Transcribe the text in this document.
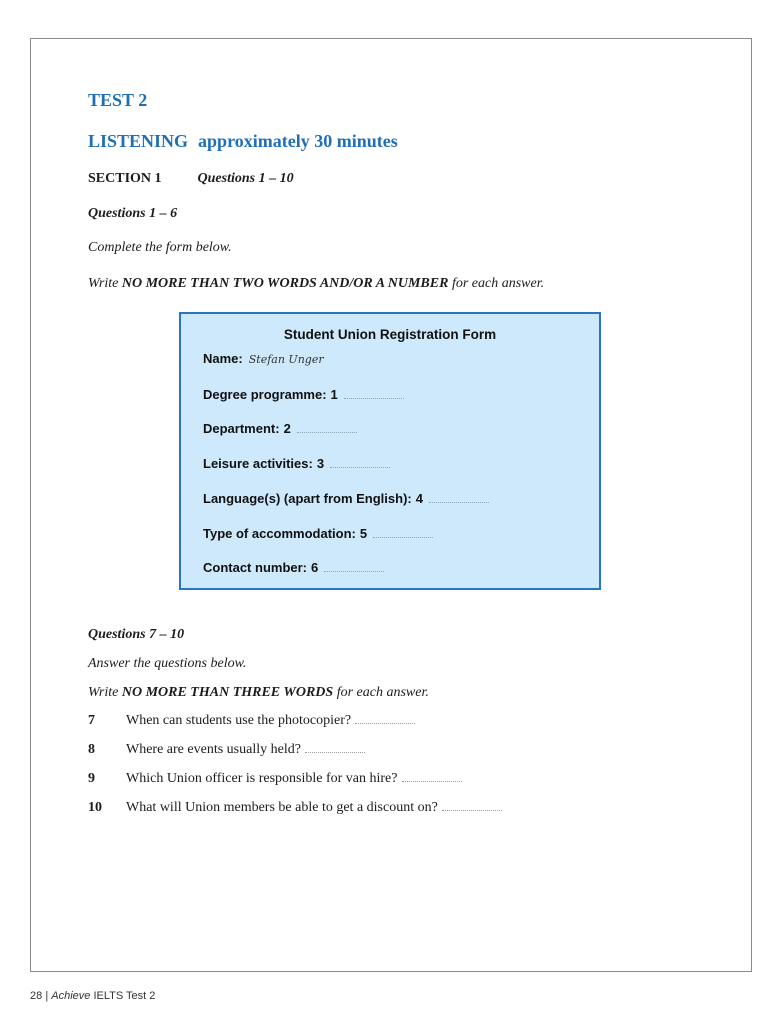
TEST 2
LISTENING approximately 30 minutes
SECTION 1	Questions 1 – 10
Questions 1 – 6
Complete the form below.
Write NO MORE THAN TWO WORDS AND/OR A NUMBER for each answer.
Student Union Registration Form
Name: Stefan Unger
Degree programme: 1
Department: 2
Leisure activities: 3
Language(s) (apart from English): 4
Type of accommodation: 5
Contact number: 6
Questions 7 – 10
Answer the questions below.
Write NO MORE THAN THREE WORDS for each answer.
7 When can students use the photocopier?
8 Where are events usually held?
9 Which Union officer is responsible for van hire?
10 What will Union members be able to get a discount on?
28 | Achieve IELTS Test 2
